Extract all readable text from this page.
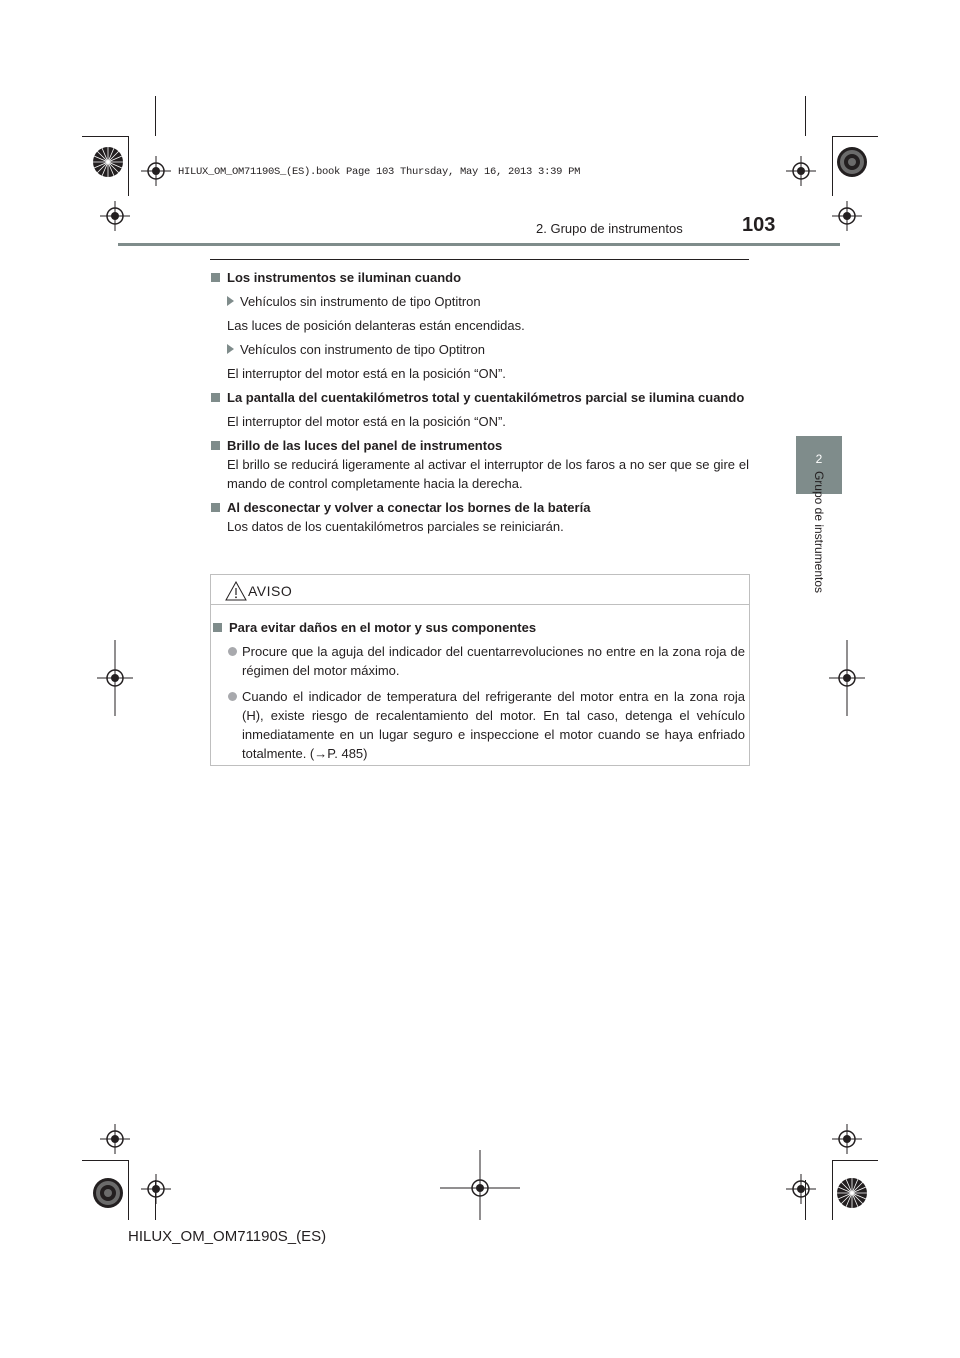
HILUX_OM_OM71190S_(ES).book Page 103 Thursday, May 16, 2013 3:39 PM
2. Grupo de instrumentos	103
2
Grupo de instrumentos

Los instrumentos se iluminan cuando

Vehículos sin instrumento de tipo Optitron

Las luces de posición delanteras están encendidas.

Vehículos con instrumento de tipo Optitron

El interruptor del motor está en la posición “ON”.

La pantalla del cuentakilómetros total y cuentakilómetros parcial se ilumina cuando

El interruptor del motor está en la posición “ON”.

Brillo de las luces del panel de instrumentos

El brillo se reducirá ligeramente al activar el interruptor de los faros a no ser que se gire el mando de control completamente hacia la derecha.

Al desconectar y volver a conectar los bornes de la batería

Los datos de los cuentakilómetros parciales se reiniciarán.

AVISO

Para evitar daños en el motor y sus componentes

Procure que la aguja del indicador del cuentarrevoluciones no entre en la zona roja de régimen del motor máximo.

Cuando el indicador de temperatura del refrigerante del motor entra en la zona roja (H), existe riesgo de recalentamiento del motor. En tal caso, detenga el vehículo inmediatamente en un lugar seguro e inspeccione el motor cuando se haya enfriado totalmente. (→P. 485)

HILUX_OM_OM71190S_(ES)
